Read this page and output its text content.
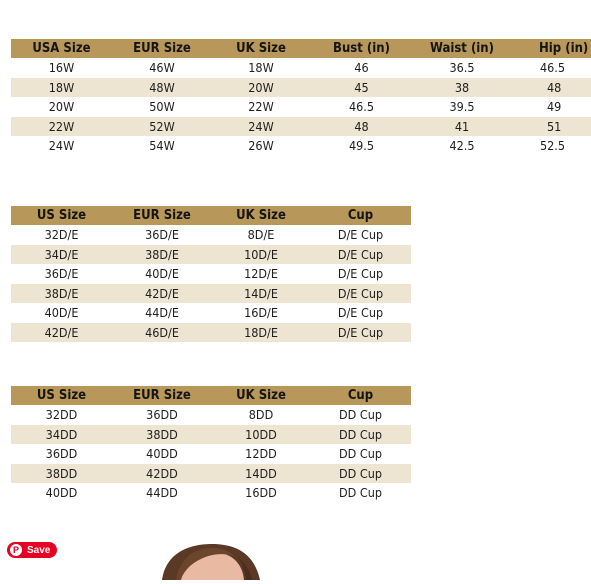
USA Size	EUR Size	UK Size	Bust (in)	Waist (in)	Hip (in)
16W	46W	18W	46	36.5	46.5
18W	48W	20W	45	38	48
20W	50W	22W	46.5	39.5	49
22W	52W	24W	48	41	51
24W	54W	26W	49.5	42.5	52.5
US Size	EUR Size	UK Size	Cup
32D/E	36D/E	8D/E	D/E Cup
34D/E	38D/E	10D/E	D/E Cup
36D/E	40D/E	12D/E	D/E Cup
38D/E	42D/E	14D/E	D/E Cup
40D/E	44D/E	16D/E	D/E Cup
42D/E	46D/E	18D/E	D/E Cup
US Size	EUR Size	UK Size	Cup
32DD	36DD	8DD	DD Cup
34DD	38DD	10DD	DD Cup
36DD	40DD	12DD	DD Cup
38DD	42DD	14DD	DD Cup
40DD	44DD	16DD	DD Cup
P Save
